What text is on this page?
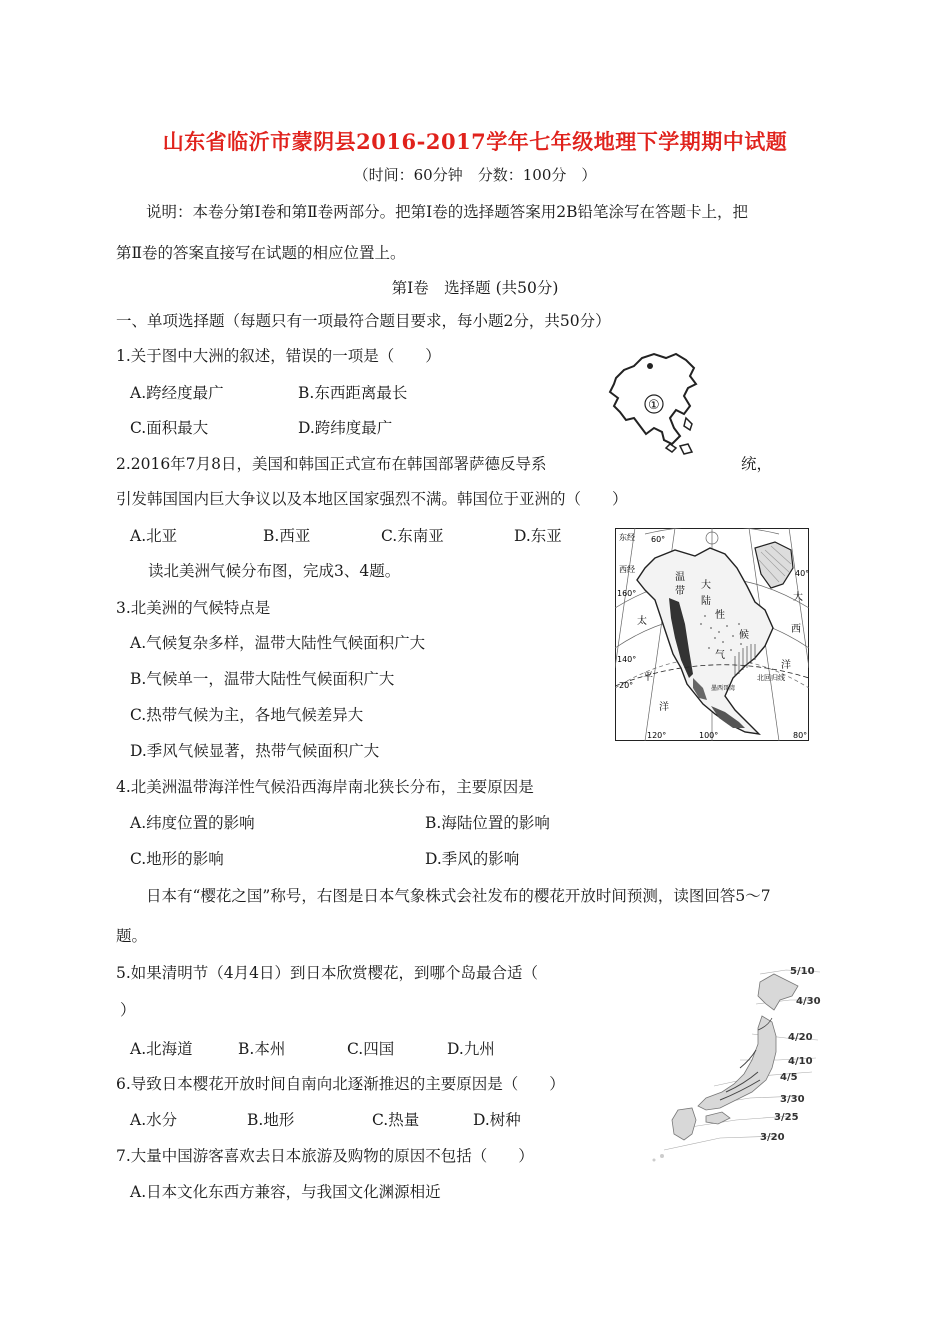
山东省临沂市蒙阴县2016-2017学年七年级地理下学期期中试题
（时间：60分钟　分数：100分　）
说明：本卷分第Ⅰ卷和第Ⅱ卷两部分。把第Ⅰ卷的选择题答案用2B铅笔涂写在答题卡上，把
第Ⅱ卷的答案直接写在试题的相应位置上。
第Ⅰ卷　选择题 (共50分)
一、单项选择题（每题只有一项最符合题目要求，每小题2分，共50分）
1.关于图中大洲的叙述，错误的一项是（　　）
A.跨经度最广	B.东西距离最长
C.面积最大	D.跨纬度最广
①
2.2016年7月8日，美国和韩国正式宣布在韩国部署萨德反导系	统，
引发韩国国内巨大争议以及本地区国家强烈不满。韩国位于亚洲的（　　）
A.北亚	B.西亚	C.东南亚	D.东亚
读北美洲气候分布图，完成3、4题。
东经
西经
60°
160°
140°
120°	100°	80°
20°
40°
太
平
洋
大
西
洋
温
带
大
陆
性
气
候
墨西哥湾
北回归线
3.北美洲的气候特点是
A.气候复杂多样，温带大陆性气候面积广大
B.气候单一，温带大陆性气候面积广大
C.热带气候为主，各地气候差异大
D.季风气候显著，热带气候面积广大
4.北美洲温带海洋性气候沿西海岸南北狭长分布，主要原因是
A.纬度位置的影响	B.海陆位置的影响
C.地形的影响	D.季风的影响
日本有“樱花之国”称号，右图是日本气象株式会社发布的樱花开放时间预测，读图回答5～7
题。
5.如果清明节（4月4日）到日本欣赏樱花，到哪个岛最合适（
）
A.北海道	B.本州	C.四国	D.九州
6.导致日本樱花开放时间自南向北逐渐推迟的主要原因是（　　）
A.水分	B.地形	C.热量	D.树种
7.大量中国游客喜欢去日本旅游及购物的原因不包括（　　）
A.日本文化东西方兼容，与我国文化渊源相近
5/10
4/30
4/20
4/10
4/5
3/30
3/25
3/20
